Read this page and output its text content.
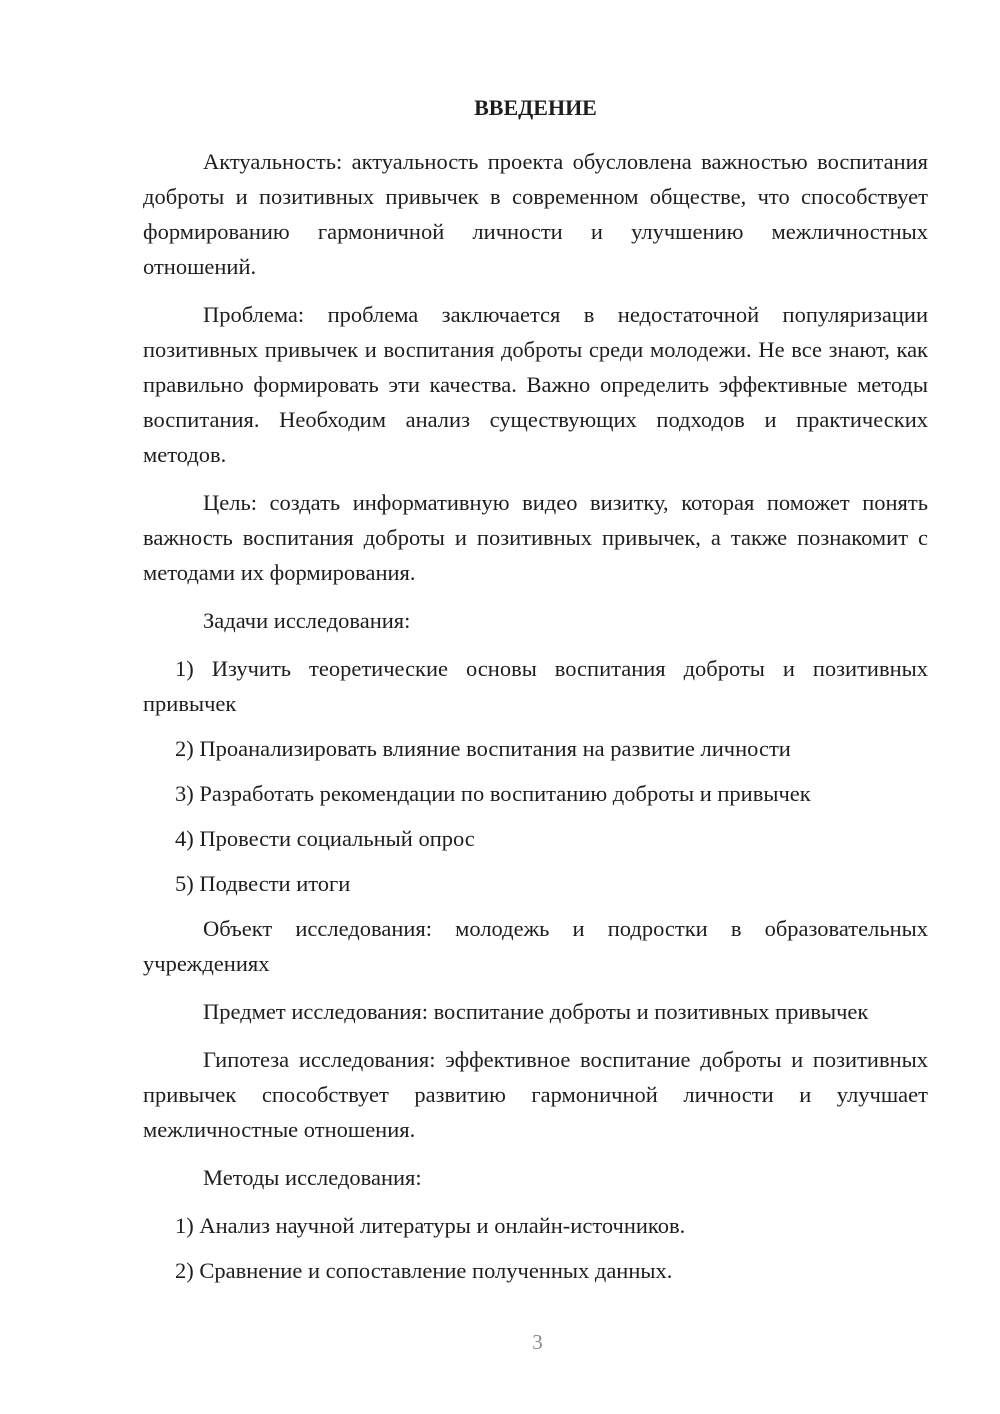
ВВЕДЕНИЕ

Актуальность: актуальность проекта обусловлена важностью воспитания доброты и позитивных привычек в современном обществе, что способствует формированию гармоничной личности и улучшению межличностных отношений.

Проблема: проблема заключается в недостаточной популяризации позитивных привычек и воспитания доброты среди молодежи. Не все знают, как правильно формировать эти качества. Важно определить эффективные методы воспитания. Необходим анализ существующих подходов и практических методов.

Цель: создать информативную видео визитку, которая поможет понять важность воспитания доброты и позитивных привычек, а также познакомит с методами их формирования.

Задачи исследования:

1) Изучить теоретические основы воспитания доброты и позитивных привычек

2) Проанализировать влияние воспитания на развитие личности

3) Разработать рекомендации по воспитанию доброты и привычек

4) Провести социальный опрос

5) Подвести итоги

Объект исследования: молодежь и подростки в образовательных учреждениях

Предмет исследования: воспитание доброты и позитивных привычек

Гипотеза исследования: эффективное воспитание доброты и позитивных привычек способствует развитию гармоничной личности и улучшает межличностные отношения.

Методы исследования:

1) Анализ научной литературы и онлайн-источников.

2) Сравнение и сопоставление полученных данных.

3
